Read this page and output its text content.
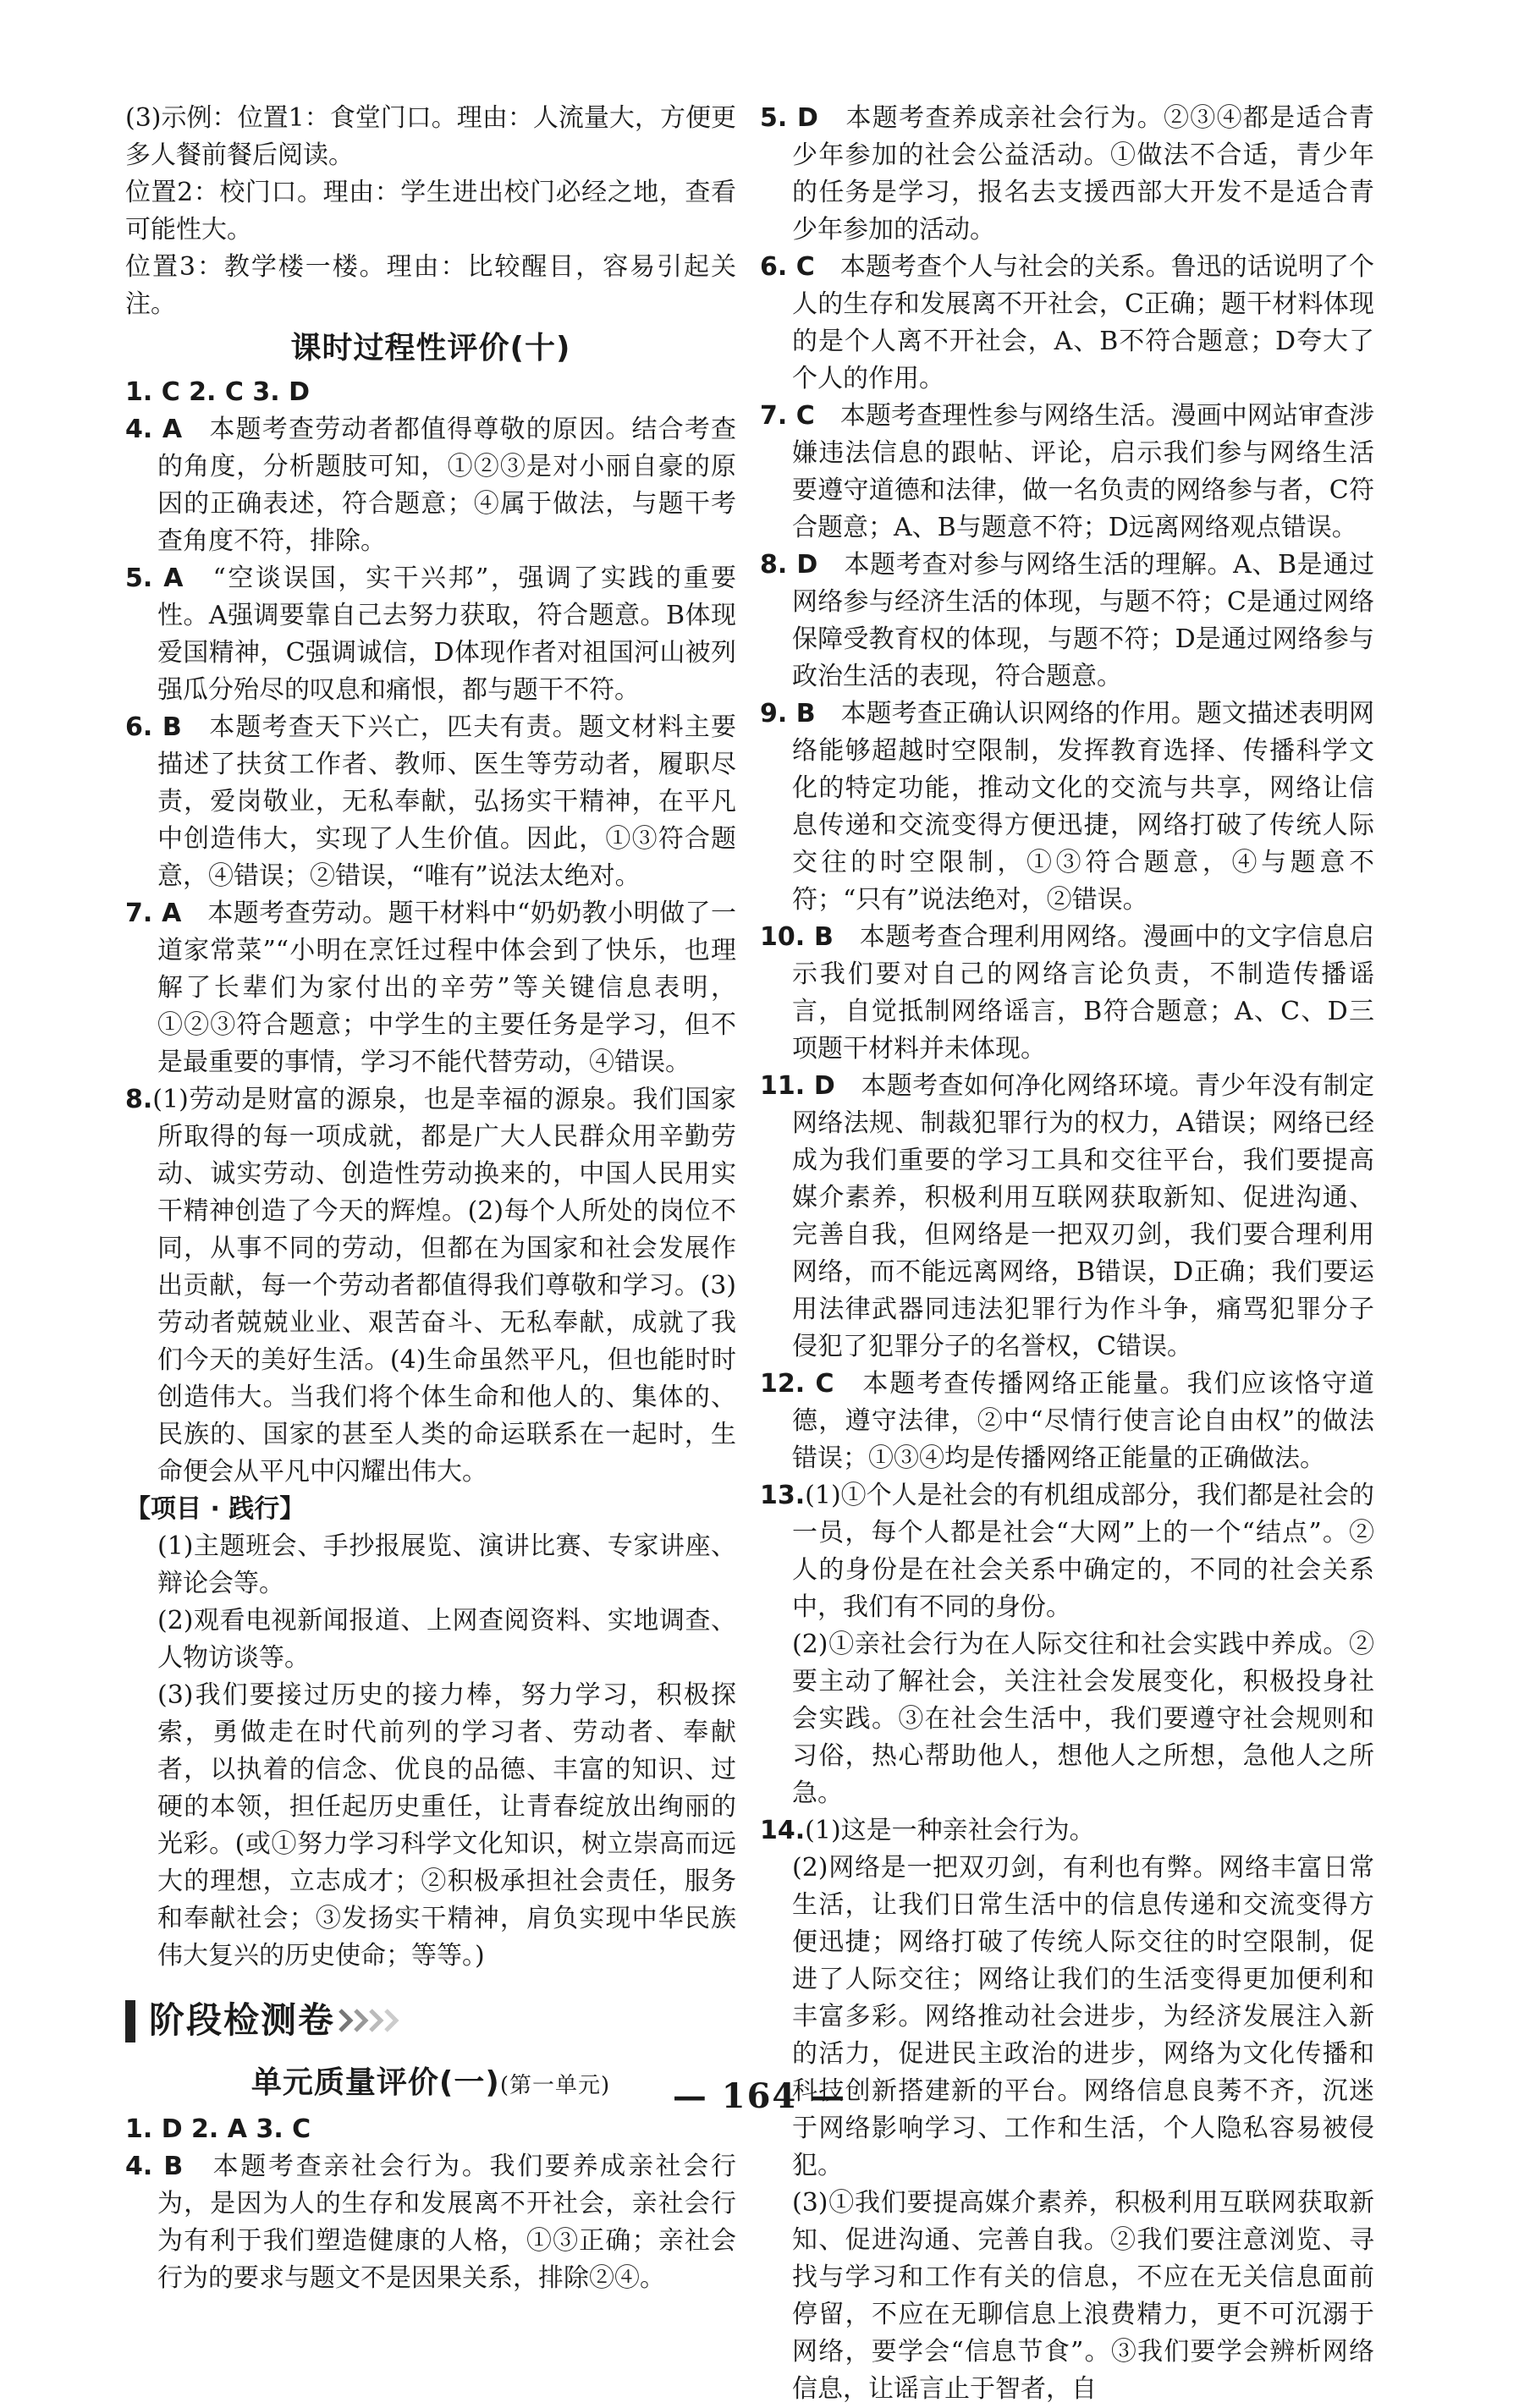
(3)示例：位置1：食堂门口。理由：人流量大，方便更多人餐前餐后阅读。

位置2：校门口。理由：学生进出校门必经之地，查看可能性大。

位置3：教学楼一楼。理由：比较醒目，容易引起关注。

课时过程性评价(十)

1. C 2. C 3. D

4. A　 本题考查劳动者都值得尊敬的原因。结合考查的角度，分析题肢可知，①②③是对小丽自豪的原因的正确表述，符合题意；④属于做法，与题干考查角度不符，排除。

5. A　 “空谈误国，实干兴邦”，强调了实践的重要性。A强调要靠自己去努力获取，符合题意。B体现爱国精神，C强调诚信，D体现作者对祖国河山被列强瓜分殆尽的叹息和痛恨，都与题干不符。

6. B　 本题考查天下兴亡，匹夫有责。题文材料主要描述了扶贫工作者、教师、医生等劳动者，履职尽责，爱岗敬业，无私奉献，弘扬实干精神，在平凡中创造伟大，实现了人生价值。因此，①③符合题意，④错误；②错误，“唯有”说法太绝对。

7. A　 本题考查劳动。题干材料中“奶奶教小明做了一道家常菜”“小明在烹饪过程中体会到了快乐，也理解了长辈们为家付出的辛劳”等关键信息表明，①②③符合题意；中学生的主要任务是学习，但不是最重要的事情，学习不能代替劳动，④错误。

8.(1)劳动是财富的源泉，也是幸福的源泉。我们国家所取得的每一项成就，都是广大人民群众用辛勤劳动、诚实劳动、创造性劳动换来的，中国人民用实干精神创造了今天的辉煌。(2)每个人所处的岗位不同，从事不同的劳动，但都在为国家和社会发展作出贡献，每一个劳动者都值得我们尊敬和学习。(3)劳动者兢兢业业、艰苦奋斗、无私奉献，成就了我们今天的美好生活。(4)生命虽然平凡，但也能时时创造伟大。当我们将个体生命和他人的、集体的、民族的、国家的甚至人类的命运联系在一起时，生命便会从平凡中闪耀出伟大。

【项目 · 践行】

(1)主题班会、手抄报展览、演讲比赛、专家讲座、辩论会等。

(2)观看电视新闻报道、上网查阅资料、实地调查、人物访谈等。

(3)我们要接过历史的接力棒，努力学习，积极探索，勇做走在时代前列的学习者、劳动者、奉献者，以执着的信念、优良的品德、丰富的知识、过硬的本领，担任起历史重任，让青春绽放出绚丽的光彩。(或①努力学习科学文化知识，树立崇高而远大的理想，立志成才；②积极承担社会责任，服务和奉献社会；③发扬实干精神，肩负实现中华民族伟大复兴的历史使命；等等。)

阶段检测卷
单元质量评价(一)(第一单元)

1. D 2. A 3. C

4. B　 本题考查亲社会行为。我们要养成亲社会行为，是因为人的生存和发展离不开社会，亲社会行为有利于我们塑造健康的人格，①③正确；亲社会行为的要求与题文不是因果关系，排除②④。

5. D　 本题考查养成亲社会行为。②③④都是适合青少年参加的社会公益活动。①做法不合适，青少年的任务是学习，报名去支援西部大开发不是适合青少年参加的活动。

6. C　 本题考查个人与社会的关系。鲁迅的话说明了个人的生存和发展离不开社会，C正确；题干材料体现的是个人离不开社会，A、B不符合题意；D夸大了个人的作用。

7. C　 本题考查理性参与网络生活。漫画中网站审查涉嫌违法信息的跟帖、评论，启示我们参与网络生活要遵守道德和法律，做一名负责的网络参与者，C符合题意；A、B与题意不符；D远离网络观点错误。

8. D　 本题考查对参与网络生活的理解。A、B是通过网络参与经济生活的体现，与题不符；C是通过网络保障受教育权的体现，与题不符；D是通过网络参与政治生活的表现，符合题意。

9. B　 本题考查正确认识网络的作用。题文描述表明网络能够超越时空限制，发挥教育选择、传播科学文化的特定功能，推动文化的交流与共享，网络让信息传递和交流变得方便迅捷，网络打破了传统人际交往的时空限制，①③符合题意，④与题意不符；“只有”说法绝对，②错误。

10. B　 本题考查合理利用网络。漫画中的文字信息启示我们要对自己的网络言论负责，不制造传播谣言，自觉抵制网络谣言，B符合题意；A、C、D三项题干材料并未体现。

11. D　 本题考查如何净化网络环境。青少年没有制定网络法规、制裁犯罪行为的权力，A错误；网络已经成为我们重要的学习工具和交往平台，我们要提高媒介素养，积极利用互联网获取新知、促进沟通、完善自我，但网络是一把双刃剑，我们要合理利用网络，而不能远离网络，B错误，D正确；我们要运用法律武器同违法犯罪行为作斗争，痛骂犯罪分子侵犯了犯罪分子的名誉权，C错误。

12. C　 本题考查传播网络正能量。我们应该恪守道德，遵守法律，②中“尽情行使言论自由权”的做法错误；①③④均是传播网络正能量的正确做法。

13.(1)①个人是社会的有机组成部分，我们都是社会的一员，每个人都是社会“大网”上的一个“结点”。②人的身份是在社会关系中确定的，不同的社会关系中，我们有不同的身份。

(2)①亲社会行为在人际交往和社会实践中养成。②要主动了解社会，关注社会发展变化，积极投身社会实践。③在社会生活中，我们要遵守社会规则和习俗，热心帮助他人，想他人之所想，急他人之所急。

14.(1)这是一种亲社会行为。

(2)网络是一把双刃剑，有利也有弊。网络丰富日常生活，让我们日常生活中的信息传递和交流变得方便迅捷；网络打破了传统人际交往的时空限制，促进了人际交往；网络让我们的生活变得更加便利和丰富多彩。网络推动社会进步，为经济发展注入新的活力，促进民主政治的进步，网络为文化传播和科技创新搭建新的平台。网络信息良莠不齐，沉迷于网络影响学习、工作和生活，个人隐私容易被侵犯。

(3)①我们要提高媒介素养，积极利用互联网获取新知、促进沟通、完善自我。②我们要注意浏览、寻找与学习和工作有关的信息，不应在无关信息面前停留，不应在无聊信息上浪费精力，更不可沉溺于网络，要学会“信息节食”。③我们要学会辨析网络信息，让谣言止于智者，自

— 164 —
